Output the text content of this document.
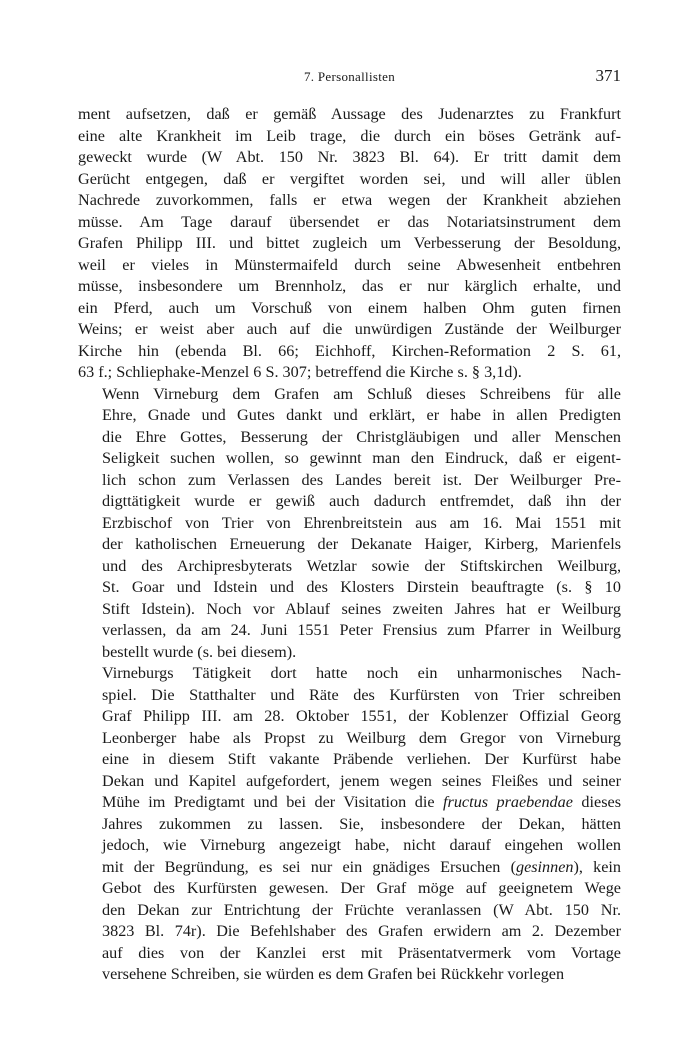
7. Personallisten	371

ment aufsetzen, daß er gemäß Aussage des Judenarztes zu Frankfurt
eine alte Krankheit im Leib trage, die durch ein böses Getränk auf-
geweckt wurde (W Abt. 150 Nr. 3823 Bl. 64). Er tritt damit dem
Gerücht entgegen, daß er vergiftet worden sei, und will aller üblen
Nachrede zuvorkommen, falls er etwa wegen der Krankheit abziehen
müsse. Am Tage darauf übersendet er das Notariatsinstrument dem
Grafen Philipp III. und bittet zugleich um Verbesserung der Besoldung,
weil er vieles in Münstermaifeld durch seine Abwesenheit entbehren
müsse, insbesondere um Brennholz, das er nur kärglich erhalte, und
ein Pferd, auch um Vorschuß von einem halben Ohm guten firnen
Weins; er weist aber auch auf die unwürdigen Zustände der Weilburger
Kirche hin (ebenda Bl. 66; Eichhoff, Kirchen-Reformation 2 S. 61,
63 f.; Schliephake-Menzel 6 S. 307; betreffend die Kirche s. § 3,1d).

Wenn Virneburg dem Grafen am Schluß dieses Schreibens für alle
Ehre, Gnade und Gutes dankt und erklärt, er habe in allen Predigten
die Ehre Gottes, Besserung der Christgläubigen und aller Menschen
Seligkeit suchen wollen, so gewinnt man den Eindruck, daß er eigent-
lich schon zum Verlassen des Landes bereit ist. Der Weilburger Pre-
digttätigkeit wurde er gewiß auch dadurch entfremdet, daß ihn der
Erzbischof von Trier von Ehrenbreitstein aus am 16. Mai 1551 mit
der katholischen Erneuerung der Dekanate Haiger, Kirberg, Marienfels
und des Archipresbyterats Wetzlar sowie der Stiftskirchen Weilburg,
St. Goar und Idstein und des Klosters Dirstein beauftragte (s. § 10
Stift Idstein). Noch vor Ablauf seines zweiten Jahres hat er Weilburg
verlassen, da am 24. Juni 1551 Peter Frensius zum Pfarrer in Weilburg
bestellt wurde (s. bei diesem).

Virneburgs Tätigkeit dort hatte noch ein unharmonisches Nach-
spiel. Die Statthalter und Räte des Kurfürsten von Trier schreiben
Graf Philipp III. am 28. Oktober 1551, der Koblenzer Offizial Georg
Leonberger habe als Propst zu Weilburg dem Gregor von Virneburg
eine in diesem Stift vakante Präbende verliehen. Der Kurfürst habe
Dekan und Kapitel aufgefordert, jenem wegen seines Fleißes und seiner
Mühe im Predigtamt und bei der Visitation die fructus praebendae dieses
Jahres zukommen zu lassen. Sie, insbesondere der Dekan, hätten
jedoch, wie Virneburg angezeigt habe, nicht darauf eingehen wollen
mit der Begründung, es sei nur ein gnädiges Ersuchen (gesinnen), kein
Gebot des Kurfürsten gewesen. Der Graf möge auf geeignetem Wege
den Dekan zur Entrichtung der Früchte veranlassen (W Abt. 150 Nr.
3823 Bl. 74r). Die Befehlshaber des Grafen erwidern am 2. Dezember
auf dies von der Kanzlei erst mit Präsentatvermerk vom Vortage
versehene Schreiben, sie würden es dem Grafen bei Rückkehr vorlegen
